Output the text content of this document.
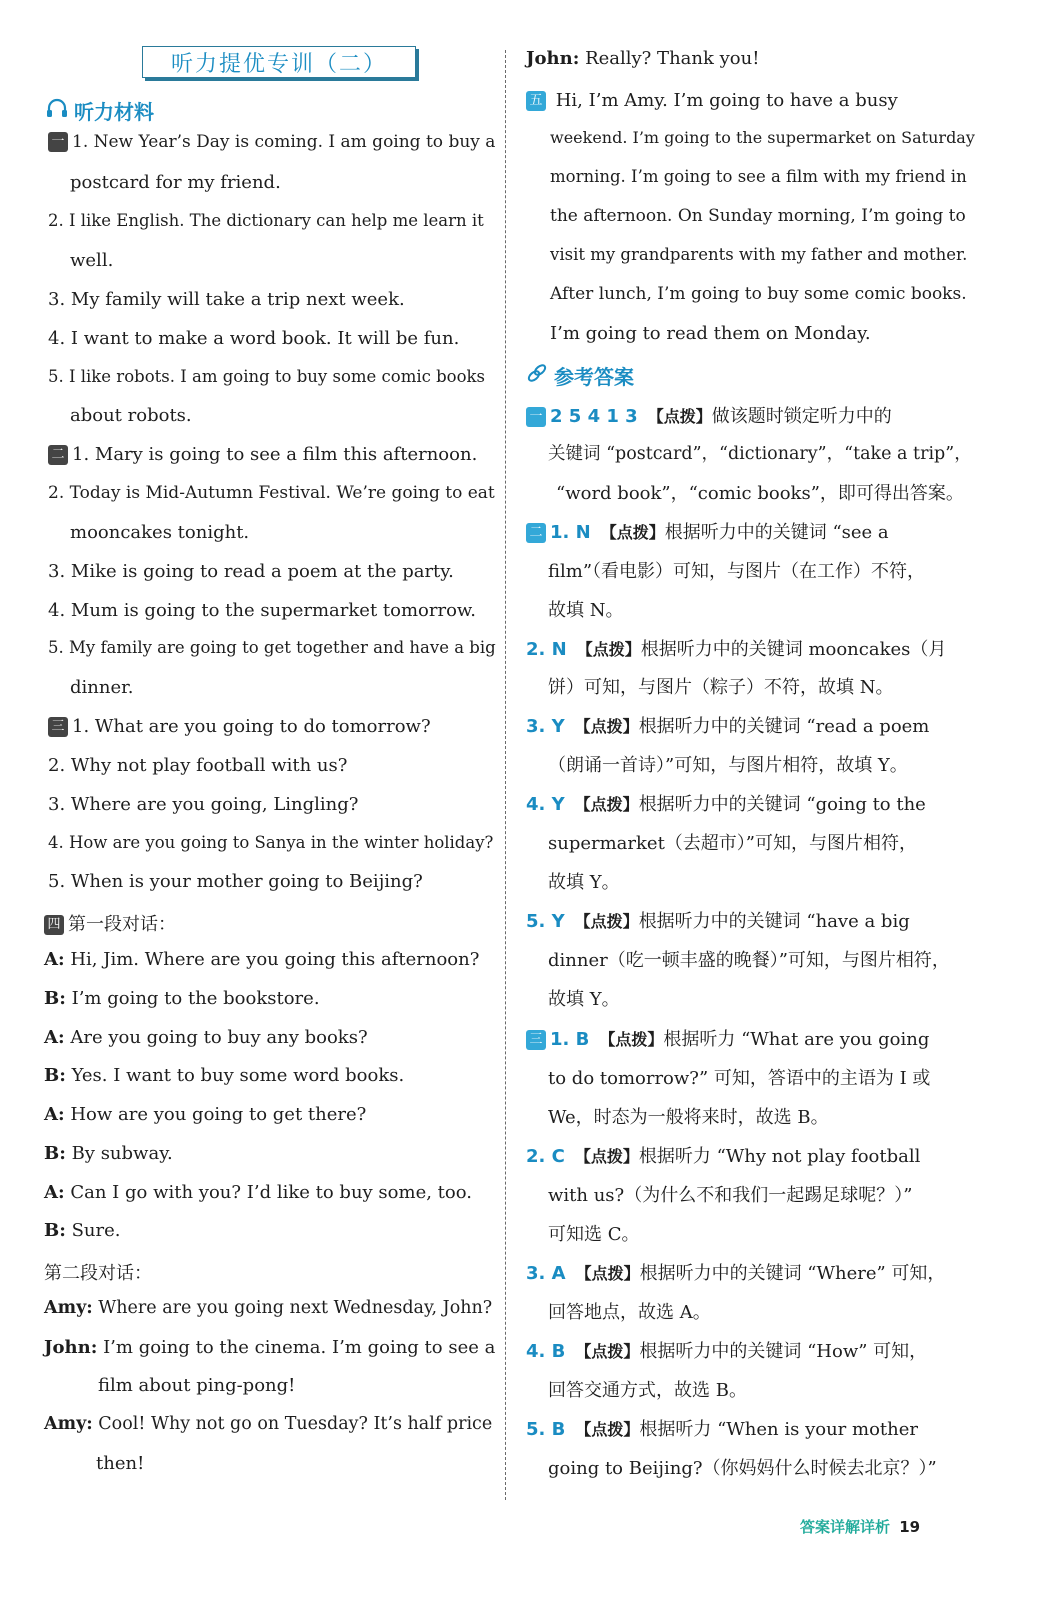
听力提优专训（二）
听力材料
参考答案
一 1. New Year’s Day is coming. I am going to buy a
postcard for my friend.
2. I like English. The dictionary can help me learn it
well.
3. My family will take a trip next week.
4. I want to make a word book. It will be fun.
5. I like robots. I am going to buy some comic books
about robots.
二 1. Mary is going to see a film this afternoon.
2. Today is Mid-Autumn Festival. We’re going to eat
mooncakes tonight.
3. Mike is going to read a poem at the party.
4. Mum is going to the supermarket tomorrow.
5. My family are going to get together and have a big
dinner.
三 1. What are you going to do tomorrow?
2. Why not play football with us?
3. Where are you going, Lingling?
4. How are you going to Sanya in the winter holiday?
5. When is your mother going to Beijing?
四 第一段对话：
A: Hi, Jim. Where are you going this afternoon?
B: I’m going to the bookstore.
A: Are you going to buy any books?
B: Yes. I want to buy some word books.
A: How are you going to get there?
B: By subway.
A: Can I go with you? I’d like to buy some, too.
B: Sure.
第二段对话：
Amy: Where are you going next Wednesday, John?
John: I’m going to the cinema. I’m going to see a
film about ping-pong!
Amy: Cool! Why not go on Tuesday? It’s half price
then!
John: Really? Thank you!
五 Hi, I’m Amy. I’m going to have a busy
weekend. I’m going to the supermarket on Saturday
morning. I’m going to see a film with my friend in
the afternoon. On Sunday morning, I’m going to
visit my grandparents with my father and mother.
After lunch, I’m going to buy some comic books.
I’m going to read them on Monday.
一 2 5 4 1 3 【点拨】做该题时锁定听力中的
关键词 “postcard”，“dictionary”，“take a trip”，
“word book”，“comic books”，即可得出答案。
二 1. N 【点拨】根据听力中的关键词 “see a
film”（看电影）可知，与图片（在工作）不符，
故填 N。
2. N 【点拨】根据听力中的关键词 mooncakes（月
饼）可知，与图片（粽子）不符，故填 N。
3. Y 【点拨】根据听力中的关键词 “read a poem
（朗诵一首诗）”可知，与图片相符，故填 Y。
4. Y 【点拨】根据听力中的关键词 “going to the
supermarket（去超市）”可知，与图片相符，
故填 Y。
5. Y 【点拨】根据听力中的关键词 “have a big
dinner（吃一顿丰盛的晚餐）”可知，与图片相符，
故填 Y。
三 1. B 【点拨】根据听力 “What are you going
to do tomorrow?” 可知，答语中的主语为 I 或
We，时态为一般将来时，故选 B。
2. C 【点拨】根据听力 “Why not play football
with us?（为什么不和我们一起踢足球呢？）”
可知选 C。
3. A 【点拨】根据听力中的关键词 “Where” 可知，
回答地点，故选 A。
4. B 【点拨】根据听力中的关键词 “How” 可知，
回答交通方式，故选 B。
5. B 【点拨】根据听力 “When is your mother
going to Beijing?（你妈妈什么时候去北京？）”
答案详解详析 19
